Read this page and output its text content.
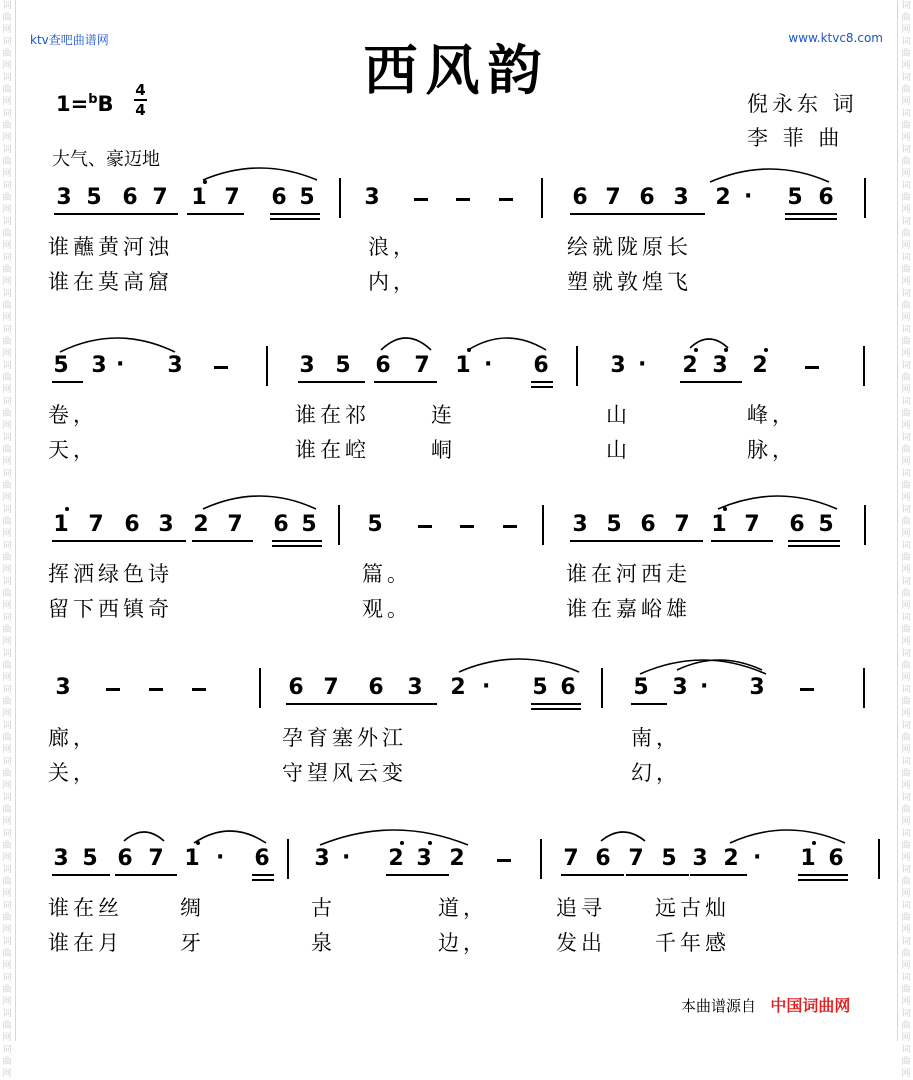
词曲网词曲网词曲网词曲网词曲网词曲网词曲网词曲网词曲网词曲网词曲网词曲网词曲网词曲网词曲网词曲网词曲网词曲网词曲网词曲网词曲网词曲网词曲网词曲网词曲网词曲网词曲网词曲网词曲网词曲网
词曲网词曲网词曲网词曲网词曲网词曲网词曲网词曲网词曲网词曲网词曲网词曲网词曲网词曲网词曲网词曲网词曲网词曲网词曲网词曲网词曲网词曲网词曲网词曲网词曲网词曲网词曲网词曲网词曲网词曲网
ktv查吧曲谱网	www.ktvc8.com
西风韵
倪永东 词
李 菲 曲
1=$^b$B
4
4
大气、豪迈地
3 5 6 7 1 7 6 5 3	6 7 6 3 2	5 6
·
5 3	3	3 5 6 7 1	6	3	2 3 2
·	·	·
1 7 6 3 2 7 6 5 5	3 5 6 7 1 7 6 5
3	6 7 6 3 2	5 6	5 3	3
·	·
3 5 6 7 1 6 3	2 3 2	7 6 7 5 3 2	1 6
·	·	·
谁蘸黄河浊	浪，	绘就陇原长
谁在莫高窟	内，	塑就敦煌飞
卷，	谁在祁	连	山	峰，
天，	谁在崆	峒	山	脉，
挥洒绿色诗	篇。	谁在河西走
留下西镇奇	观。	谁在嘉峪雄
廊，	孕育塞外江	南，
关，	守望风云变	幻，
谁在丝	绸	古	道，	追寻 远古灿
谁在月	牙	泉	边，	发出 千年感
本曲谱源自 中国词曲网
